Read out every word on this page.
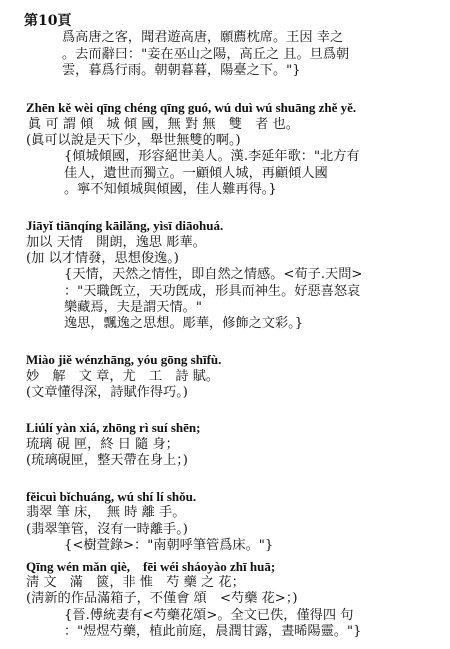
第10頁
爲高唐之客，聞君遊高唐，願薦枕席。王因 幸之
。去而辭曰："妾在巫山之陽，高丘之 且。旦爲朝
雲，暮爲行雨。朝朝暮暮，陽臺之下。"}
Zhēn kě wèi qīng chéng qīng guó, wú duì wú shuāng zhě yě.
眞 可 謂 傾　城 傾 國，無 對 無　雙　者 也。
(眞可以說是天下少，舉世無雙的啊。)
{傾城傾國，形容絕世美人。漢.李延年歌："北方有
佳人，遺世而獨立。一顧傾人城，再顧傾人國
。寧不知傾城與傾國，佳人難再得。}
Jiāyǐ tiānqíng kāilǎng, yìsī diāohuá.
加以 天情　開朗，逸思 彫華。
(加 以才情發，思想俊逸。)
{天情，天然之情性，即自然之情感。<荀子.天問>
："天職旣立，天功旣成，形具而神生。好惡喜怒哀
樂藏焉，夫是謂天情。"
逸思，飄逸之思想。彫華，修飾之文彩。}
Miào jiě wénzhāng, yóu gōng shīfù.
妙　解　文 章，尤　工　詩 賦。
(文章懂得深，詩賦作得巧。)
Liúlí yàn xiá, zhōng rì suí shēn;
琉璃 硯 匣，終 日 隨 身；
(琉璃硯匣，整天帶在身上；)
fěicuì bǐchuáng, wú shí lí shǒu.
翡翠 筆 床，　無 時 離 手。
(翡翠筆管，沒有一時離手。)
{<樹萱錄>："南朝呼筆管爲床。"}
Qīng wén mǎn qiè,　fēi wéi sháoyào zhī huā;
淸 文　滿　篋，非 惟　芍 藥 之 花；
(淸新的作品滿箱子，不僅會 頌　<芍藥 花>；)
{晉.傅統妻有<芍藥花頌>。全文已佚，僅得四 句
："煜煜芍藥，植此前庭，晨潤甘露，晝晞陽靈。"}
